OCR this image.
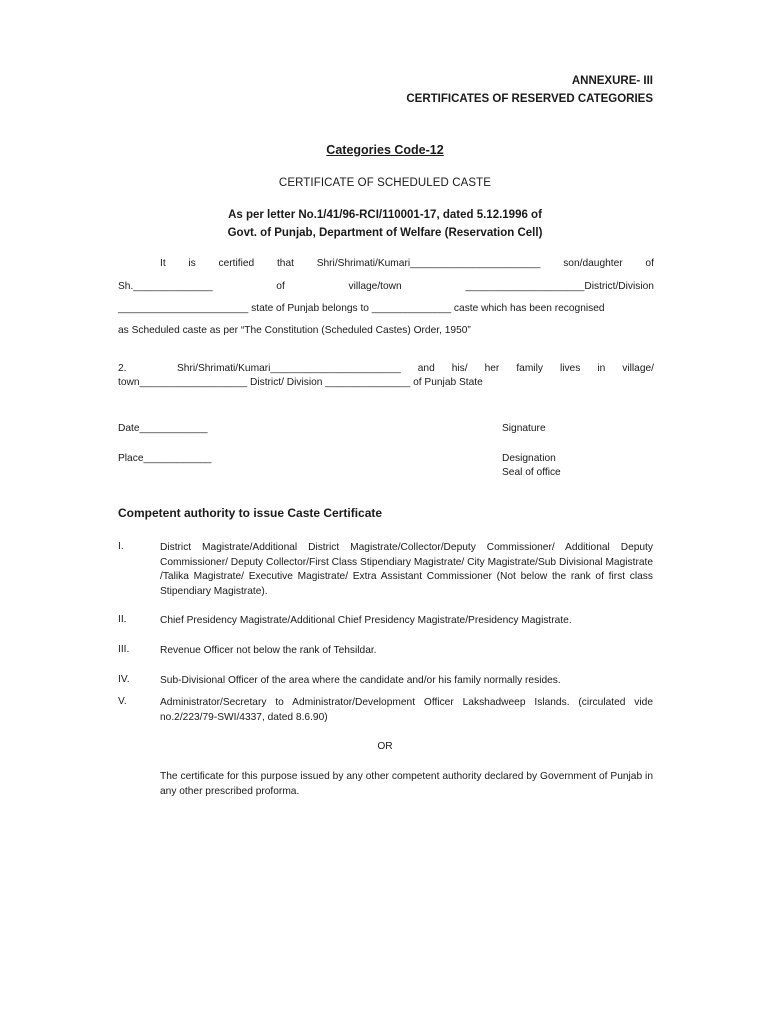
ANNEXURE- III
CERTIFICATES OF RESERVED CATEGORIES
Categories Code-12
CERTIFICATE OF SCHEDULED CASTE
As per letter No.1/41/96-RCI/110001-17, dated 5.12.1996 of
Govt. of Punjab, Department of Welfare (Reservation Cell)
It is certified that Shri/Shrimati/Kumari_______________________ son/daughter of
Sh.______________	of	village/town	_____________________District/Division
_______________________ state of Punjab belongs to ______________ caste which has been recognised
as Scheduled caste as per “The Constitution (Scheduled Castes) Order, 1950”
2.	Shri/Shrimati/Kumari_______________________ and his/ her family lives in village/
town___________________ District/ Division _______________ of Punjab State
Date____________
Place____________
Signature
Designation
Seal of office
Competent authority to issue Caste Certificate
I.	District Magistrate/Additional District Magistrate/Collector/Deputy Commissioner/ Additional Deputy Commissioner/ Deputy Collector/First Class Stipendiary Magistrate/ City Magistrate/Sub Divisional Magistrate /Talika Magistrate/ Executive Magistrate/ Extra Assistant Commissioner (Not below the rank of first class Stipendiary Magistrate).
II.	Chief Presidency Magistrate/Additional Chief Presidency Magistrate/Presidency Magistrate.
III.	Revenue Officer not below the rank of Tehsildar.
IV.	Sub-Divisional Officer of the area where the candidate and/or his family normally resides.
V.	Administrator/Secretary to Administrator/Development Officer Lakshadweep Islands. (circulated vide no.2/223/79-SWI/4337, dated 8.6.90)
OR
The certificate for this purpose issued by any other competent authority declared by Government of Punjab in any other prescribed proforma.
